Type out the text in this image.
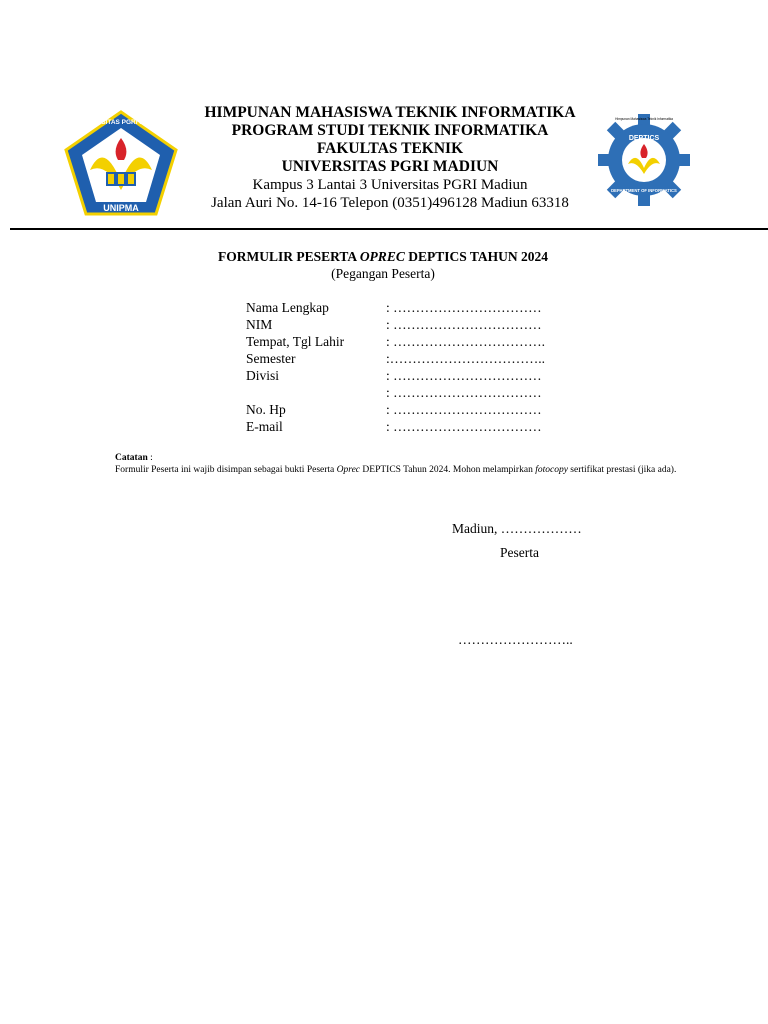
UNIVERSITAS PGRI MADIUN
UNIPMA
DEPTICS
DEPARTMENT OF INFORMATICS
Himpunan Mahasiswa Teknik Informatika
HIMPUNAN MAHASISWA TEKNIK INFORMATIKA
PROGRAM STUDI TEKNIK INFORMATIKA
FAKULTAS TEKNIK
UNIVERSITAS PGRI MADIUN
Kampus 3 Lantai 3 Universitas PGRI Madiun
Jalan Auri No. 14-16 Telepon (0351)496128 Madiun 63318
FORMULIR PESERTA OPREC DEPTICS TAHUN 2024
(Pegangan Peserta)
Nama Lengkap	: ……………………………
NIM	: ……………………………
Tempat, Tgl Lahir	: …………………………….
Semester	:……………………………..
Divisi	: ……………………………
: ……………………………
No. Hp	: ……………………………
E-mail	: ……………………………
Catatan :
Formulir Peserta ini wajib disimpan sebagai bukti Peserta Oprec DEPTICS Tahun 2024. Mohon melampirkan fotocopy sertifikat prestasi (jika ada).
Madiun, ………………
Peserta
……………………..
